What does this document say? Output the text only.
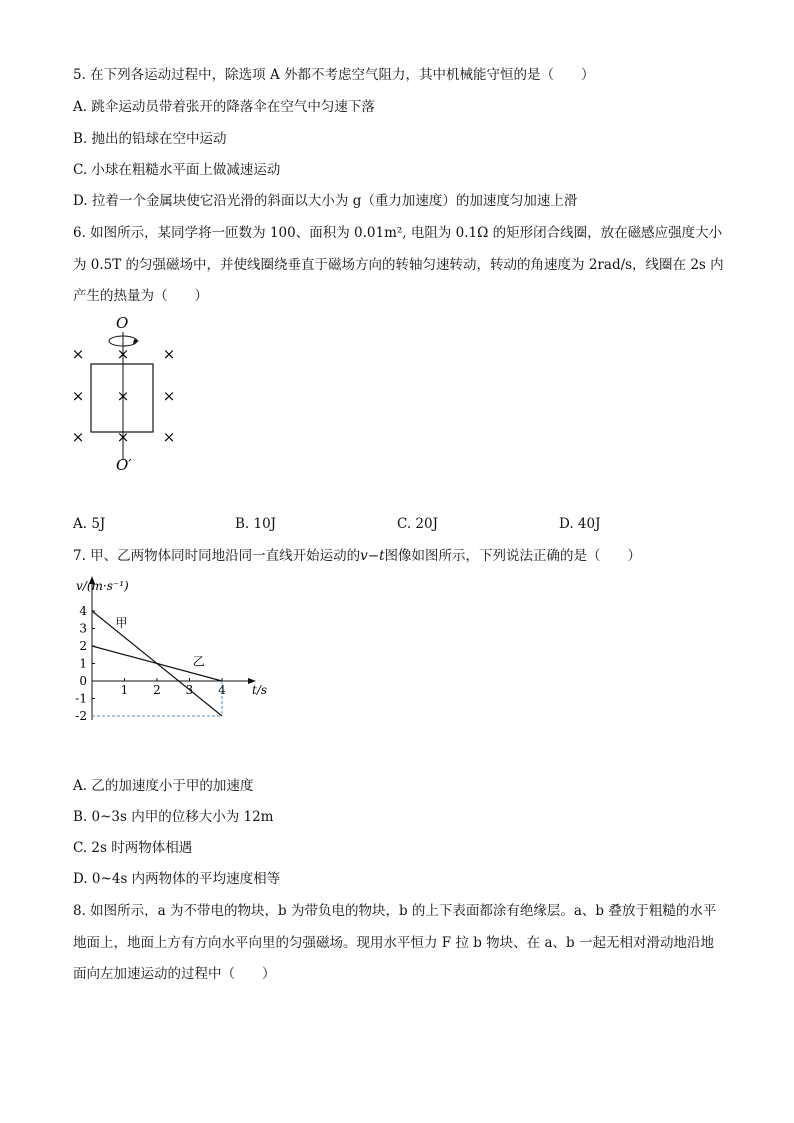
5. 在下列各运动过程中，除选项 A 外都不考虑空气阻力，其中机械能守恒的是（　　）
A. 跳伞运动员带着张开的降落伞在空气中匀速下落
B. 抛出的铅球在空中运动
C. 小球在粗糙水平面上做减速运动
D. 拉着一个金属块使它沿光滑的斜面以大小为 g（重力加速度）的加速度匀加速上滑
6. 如图所示，某同学将一匝数为 100、面积为 0.01m², 电阻为 0.1Ω 的矩形闭合线圈，放在磁感应强度大小
为 0.5T 的匀强磁场中，并使线圈绕垂直于磁场方向的转轴匀速转动，转动的角速度为 2rad/s，线圈在 2s 内
产生的热量为（　　）
O
× × ×
× × ×
× × ×
O′
A. 5J	B. 10J	C. 20J	D. 40J
7. 甲、乙两物体同时同地沿同一直线开始运动的v−t图像如图所示，下列说法正确的是（　　）
v/(m·s⁻¹)
t/s
4
3
2
1
0
-1
-2
1 2 3 4
甲
乙
A. 乙的加速度小于甲的加速度
B. 0~3s 内甲的位移大小为 12m
C. 2s 时两物体相遇
D. 0~4s 内两物体的平均速度相等
8. 如图所示，a 为不带电的物块，b 为带负电的物块，b 的上下表面都涂有绝缘层。a、b 叠放于粗糙的水平
地面上，地面上方有方向水平向里的匀强磁场。现用水平恒力 F 拉 b 物块、在 a、b 一起无相对滑动地沿地
面向左加速运动的过程中（　　）
